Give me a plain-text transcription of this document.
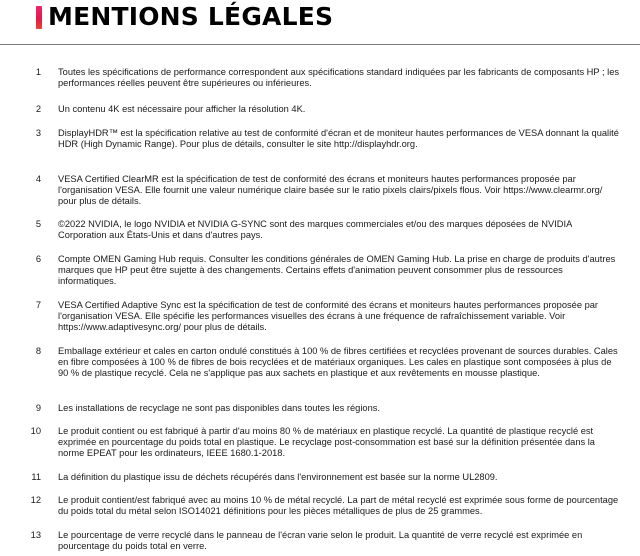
MENTIONS LÉGALES
1	Toutes les spécifications de performance correspondent aux spécifications standard indiquées par les fabricants de composants HP ; les performances réelles peuvent être supérieures ou inférieures.
2	Un contenu 4K est nécessaire pour afficher la résolution 4K.
3	DisplayHDR™ est la spécification relative au test de conformité d'écran et de moniteur hautes performances de VESA donnant la qualité HDR (High Dynamic Range). Pour plus de détails, consulter le site http://displayhdr.org.
4	VESA Certified ClearMR est la spécification de test de conformité des écrans et moniteurs hautes performances proposée par l'organisation VESA. Elle fournit une valeur numérique claire basée sur le ratio pixels clairs/pixels flous. Voir https://www.clearmr.org/ pour plus de détails.
5	©2022 NVIDIA, le logo NVIDIA et NVIDIA G-SYNC sont des marques commerciales et/ou des marques déposées de NVIDIA Corporation aux États-Unis et dans d'autres pays.
6	Compte OMEN Gaming Hub requis. Consulter les conditions générales de OMEN Gaming Hub. La prise en charge de produits d'autres marques que HP peut être sujette à des changements. Certains effets d'animation peuvent consommer plus de ressources informatiques.
7	VESA Certified Adaptive Sync est la spécification de test de conformité des écrans et moniteurs hautes performances proposée par l'organisation VESA. Elle spécifie les performances visuelles des écrans à une fréquence de rafraîchissement variable. Voir https://www.adaptivesync.org/ pour plus de détails.
8	Emballage extérieur et cales en carton ondulé constitués à 100 % de fibres certifiées et recyclées provenant de sources durables. Cales en fibre composées à 100 % de fibres de bois recyclées et de matériaux organiques. Les cales en plastique sont composées à plus de 90 % de plastique recyclé. Cela ne s'applique pas aux sachets en plastique et aux revêtements en mousse plastique.
9	Les installations de recyclage ne sont pas disponibles dans toutes les régions.
10	Le produit contient ou est fabriqué à partir d'au moins 80 % de matériaux en plastique recyclé. La quantité de plastique recyclé est exprimée en pourcentage du poids total en plastique. Le recyclage post-consommation est basé sur la définition présentée dans la norme EPEAT pour les ordinateurs, IEEE 1680.1-2018.
11	La définition du plastique issu de déchets récupérés dans l'environnement est basée sur la norme UL2809.
12	Le produit contient/est fabriqué avec au moins 10 % de métal recyclé. La part de métal recyclé est exprimée sous forme de pourcentage du poids total du métal selon ISO14021 définitions pour les pièces métalliques de plus de 25 grammes.
13	Le pourcentage de verre recyclé dans le panneau de l'écran varie selon le produit. La quantité de verre recyclé est exprimée en pourcentage du poids total en verre.
